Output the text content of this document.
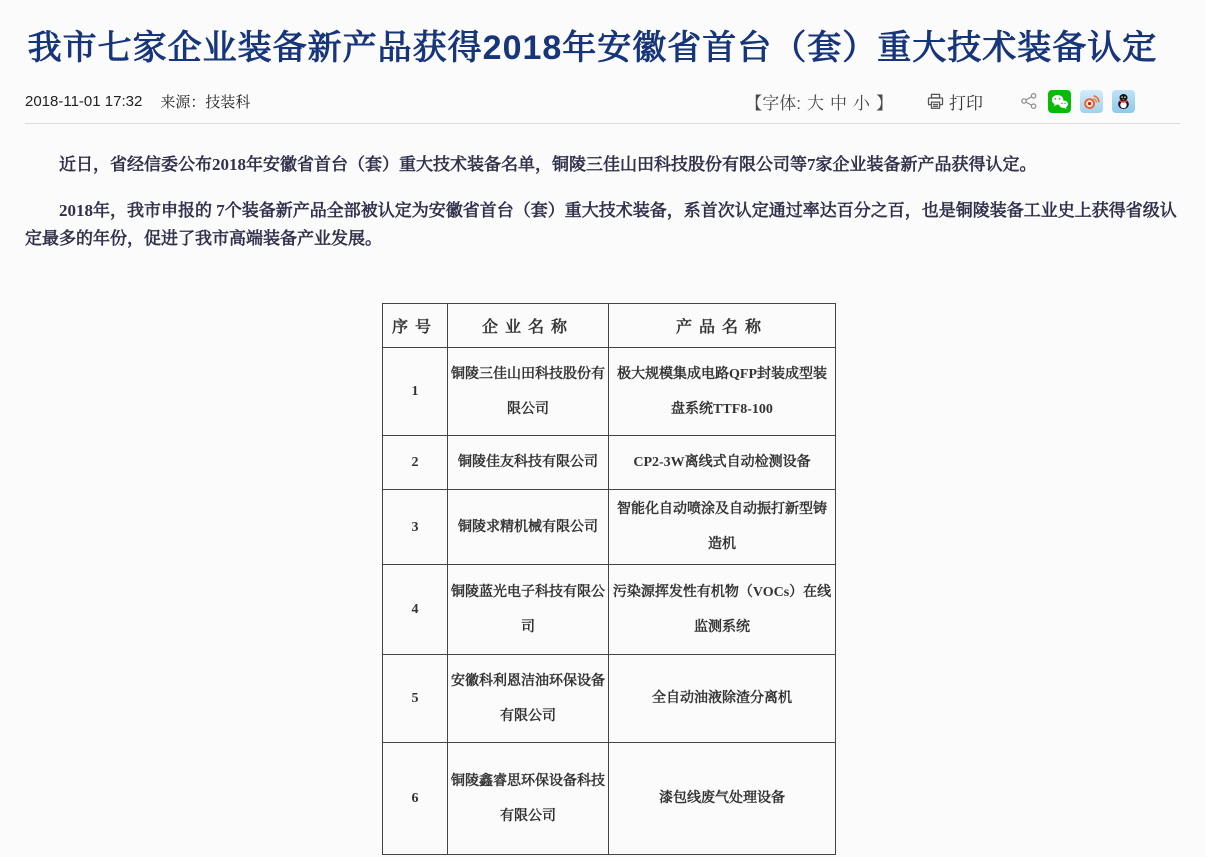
我市七家企业装备新产品获得2018年安徽省首台（套）重大技术装备认定
2018-11-01 17:32 来源：技装科	【字体: 大 中 小 】	打印

近日，省经信委公布2018年安徽省首台（套）重大技术装备名单，铜陵三佳山田科技股份有限公司等7家企业装备新产品获得认定。

2018年，我市申报的 7个装备新产品全部被认定为安徽省首台（套）重大技术装备，系首次认定通过率达百分之百，也是铜陵装备工业史上获得省级认定最多的年份，促进了我市高端装备产业发展。

序号	企业名称	产品名称
1	铜陵三佳山田科技股份有限公司	极大规模集成电路QFP封装成型装盘系统TTF8-100
2	铜陵佳友科技有限公司	CP2-3W离线式自动检测设备
3	铜陵求精机械有限公司	智能化自动喷涂及自动振打新型铸造机
4	铜陵蓝光电子科技有限公司	污染源挥发性有机物（VOCs）在线监测系统
5	安徽科利恩洁油环保设备有限公司	全自动油液除渣分离机
6	铜陵鑫睿思环保设备科技有限公司	漆包线废气处理设备
